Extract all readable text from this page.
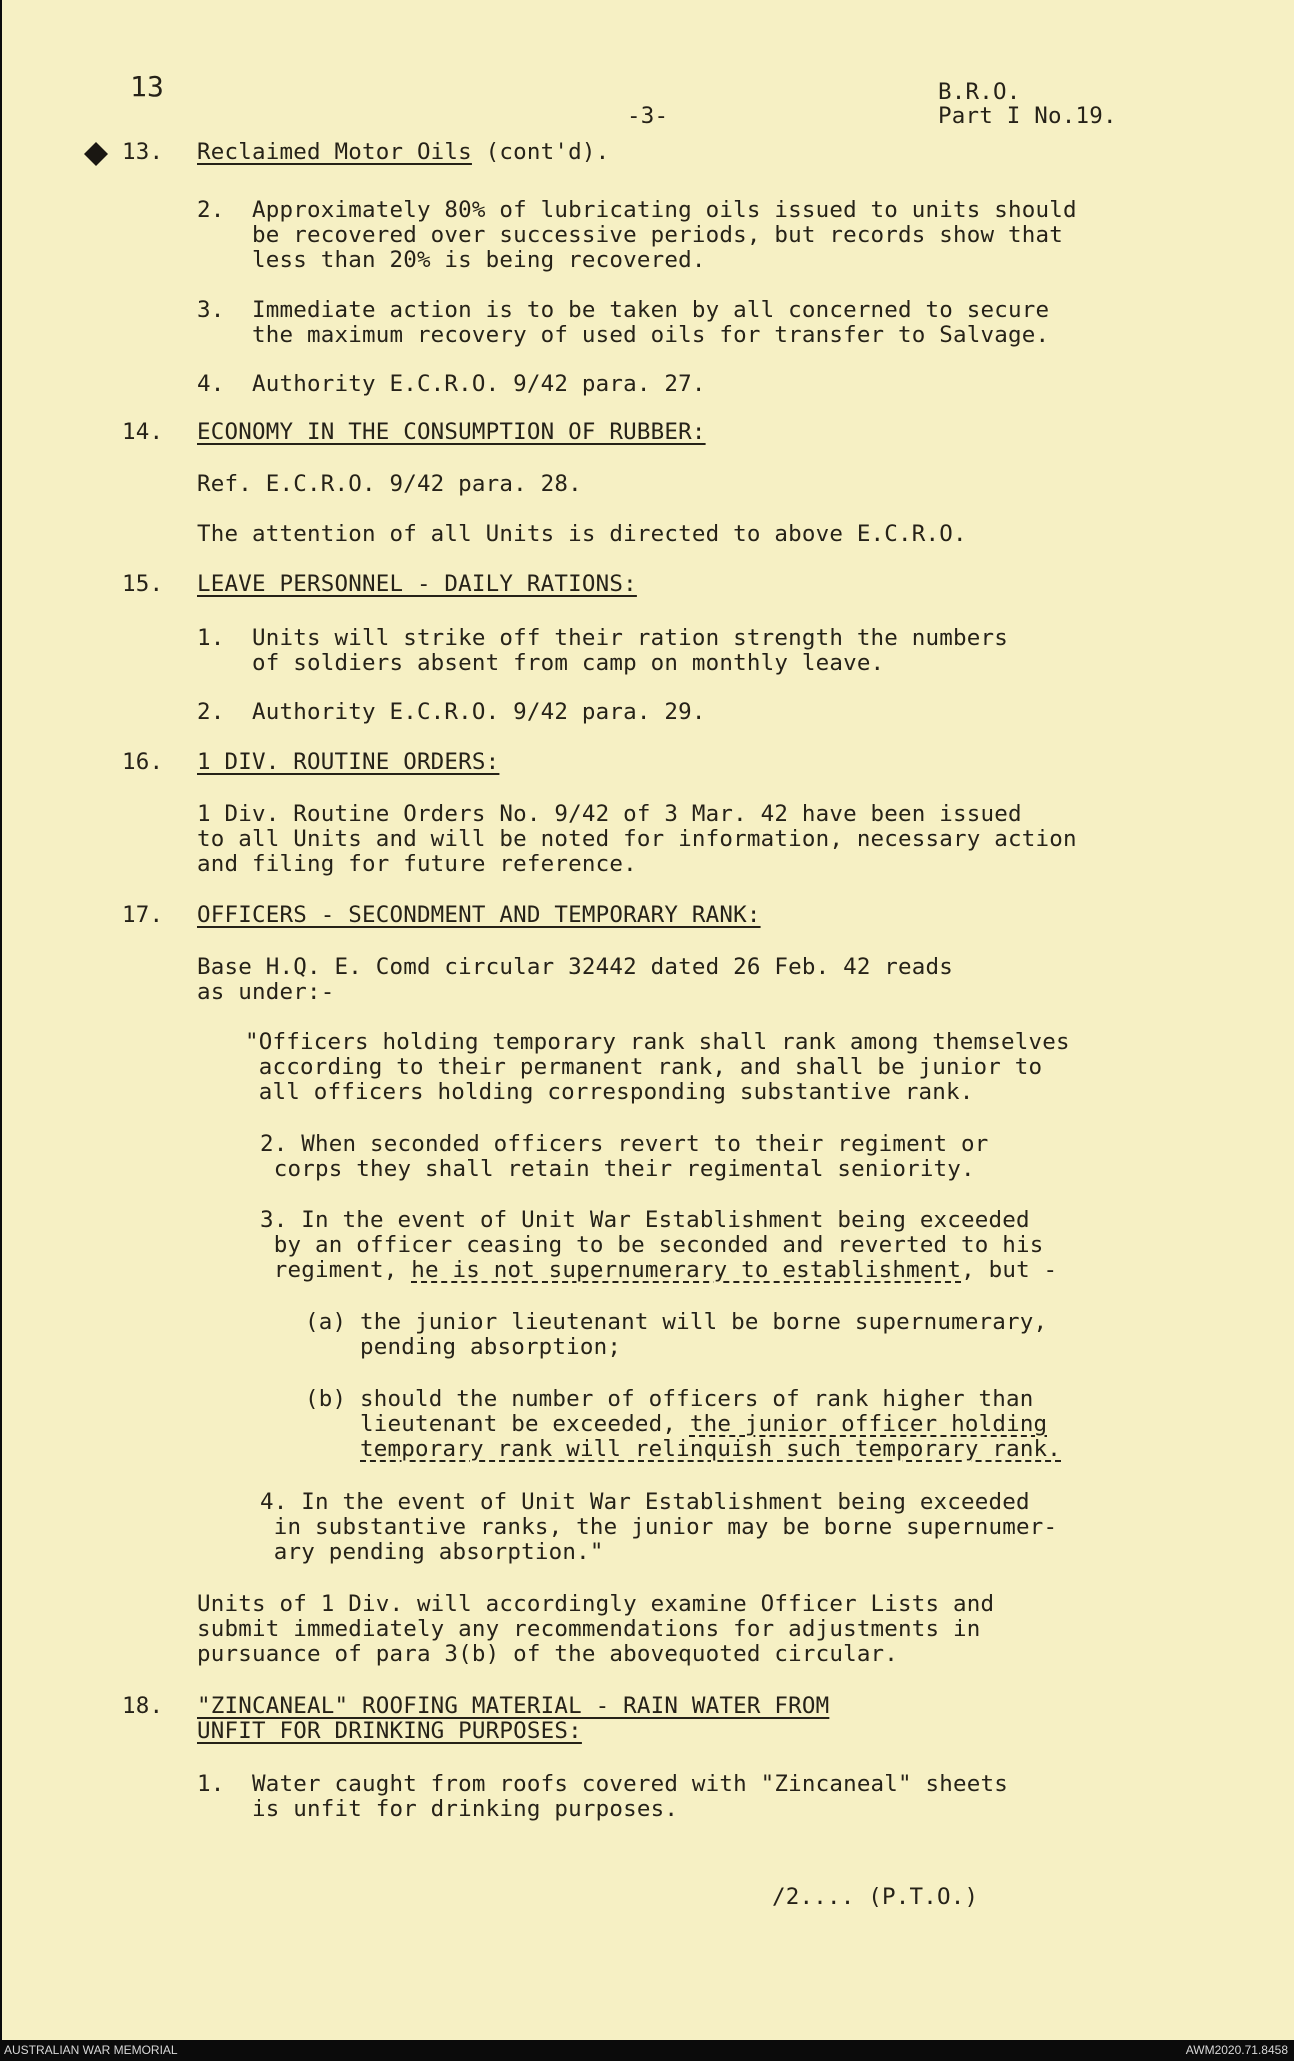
13
-3-
B.R.O.
Part I No.19.
13. Reclaimed Motor Oils (cont'd).
2.  Approximately 80% of lubricating oils issued to units should
be recovered over successive periods, but records show that
less than 20% is being recovered.
3.  Immediate action is to be taken by all concerned to secure
the maximum recovery of used oils for transfer to Salvage.
4.  Authority E.C.R.O. 9/42 para. 27.
14. ECONOMY IN THE CONSUMPTION OF RUBBER:
Ref. E.C.R.O. 9/42 para. 28.
The attention of all Units is directed to above E.C.R.O.
15. LEAVE PERSONNEL - DAILY RATIONS:
1.  Units will strike off their ration strength the numbers
of soldiers absent from camp on monthly leave.
2.  Authority E.C.R.O. 9/42 para. 29.
16. 1 DIV. ROUTINE ORDERS:
1 Div. Routine Orders No. 9/42 of 3 Mar. 42 have been issued
to all Units and will be noted for information, necessary action
and filing for future reference.
17. OFFICERS - SECONDMENT AND TEMPORARY RANK:
Base H.Q. E. Comd circular 32442 dated 26 Feb. 42 reads
as under:-
"Officers holding temporary rank shall rank among themselves
according to their permanent rank, and shall be junior to
all officers holding corresponding substantive rank.
2. When seconded officers revert to their regiment or
corps they shall retain their regimental seniority.
3. In the event of Unit War Establishment being exceeded
by an officer ceasing to be seconded and reverted to his
regiment, he is not supernumerary to establishment, but -
(a) the junior lieutenant will be borne supernumerary,
pending absorption;
(b) should the number of officers of rank higher than
lieutenant be exceeded, the junior officer holding
temporary rank will relinquish such temporary rank.
4. In the event of Unit War Establishment being exceeded
in substantive ranks, the junior may be borne supernumer-
ary pending absorption."
Units of 1 Div. will accordingly examine Officer Lists and
submit immediately any recommendations for adjustments in
pursuance of para 3(b) of the abovequoted circular.
18. "ZINCANEAL" ROOFING MATERIAL - RAIN WATER FROM
UNFIT FOR DRINKING PURPOSES:
1.  Water caught from roofs covered with "Zincaneal" sheets
is unfit for drinking purposes.
/2.... (P.T.O.)
AUSTRALIAN WAR MEMORIAL	AWM2020.71.8458
